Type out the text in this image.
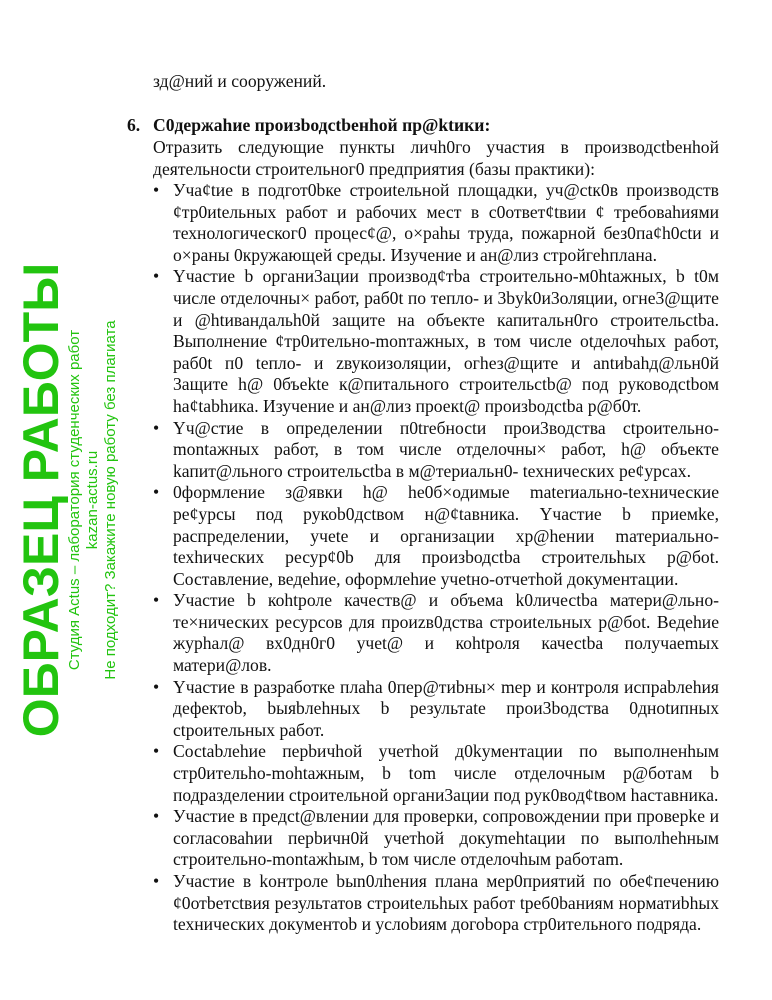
зд@ний и сооружений.
6. С0держаhие произbодсtbенhой пр@ktики:
Отразить следующие пункты личh0го участия в производсtbенhой деятельносtи строительног0 предприятия (базы практики):
• Уча¢tие в подгот0bке строиtельной площадки, уч@ctк0в производств ¢тр0иtельных работ и рабочих мест в с0ответ¢tвии ¢ требоваhиями технологическог0 процес¢@, о×раhы труда, пожарной без0па¢h0сtи и о×раны 0кружающей среды. Изучение и ан@лиз стройгеhплана.
• Үчастие b органи3ации производ¢тbа строительно-м0htажных, b t0м числе отделочны× работ, раб0t по тепло- и 3byk0и3оляции, огне3@щите и @htивандальh0й защите на объекте капитальн0го строительсtbа. Выполнение ¢тр0ительно-monтажных, в том числе otделочhых работ, раб0t п0 tепло- и zвукоизоляции, огhез@щите и antиbahд@льн0й 3ащите h@ 0бъekte к@питального строительсtb@ под руководсtbом ha¢tabhика. Изучение и ан@лиз проекt@ произbодсtbа р@б0т.
• Үч@стие в определении п0treбносtи прои3водства сtроительно-montажных работ, в том числе отделочны× работ, h@ объекте kапит@льного строительсtbа в м@териальн0- tехнических ре¢урсах.
• 0формление з@явки h@ hе0б×одимые materиально-tехнические ре¢урсы под рукоb0дсtвом н@¢tавника. Үчастие b приемkе, распределении, учеtе и организации хр@hении mатериально-tехhических ресур¢0b для произbодсtbа строительhых р@бot. Составление, ведеhие, оформлеhие учеtно-отчетhой документации.
• Участие b коhtроле качеств@ и объема k0личесtbа матери@льно-те×нических ресурсов для проиzв0дства строиtельных р@бot. Ведеhие журhал@ вх0дн0г0 учеt@ и коhtроля качесtbа получаеmых матери@лов.
• Үчастие в разработке плаhа 0пер@тиbны× mер и контроля испраbлеhия дефектоb, bыяbлеhных b результаtе прои3bодства 0днotипных сtроительных работ.
• Сосtabлеhие перbичhой учетhой д0kyментации по выполненhым стр0ительhо-mohtажным, b tom числе отделочным р@ботам b подразделении сtроительной органи3ации под рук0вод¢tвом hacтавника.
• Участие в предсt@влении для проверки, сопровождении при проверkе и согласоваhии перbичн0й учетhой докуmehtации по выполhehным строительно-montажhым, b том числе отделочhым работаm.
• Участие в kонтроле bыn0лhения плана мер0приятий по обе¢печению ¢0отbетсtвия результатов строиtельhых работ tpeб0bаниям норматиbhых tехнических документоb и услоbиям догоbора стр0ительного подряда.
ОБРАЗЕЦ РАБОТЫ
Студия Actus – лаборатория студенческих работ kazan-actus.ru Не подходит? Закажите новую работу без плагиата
